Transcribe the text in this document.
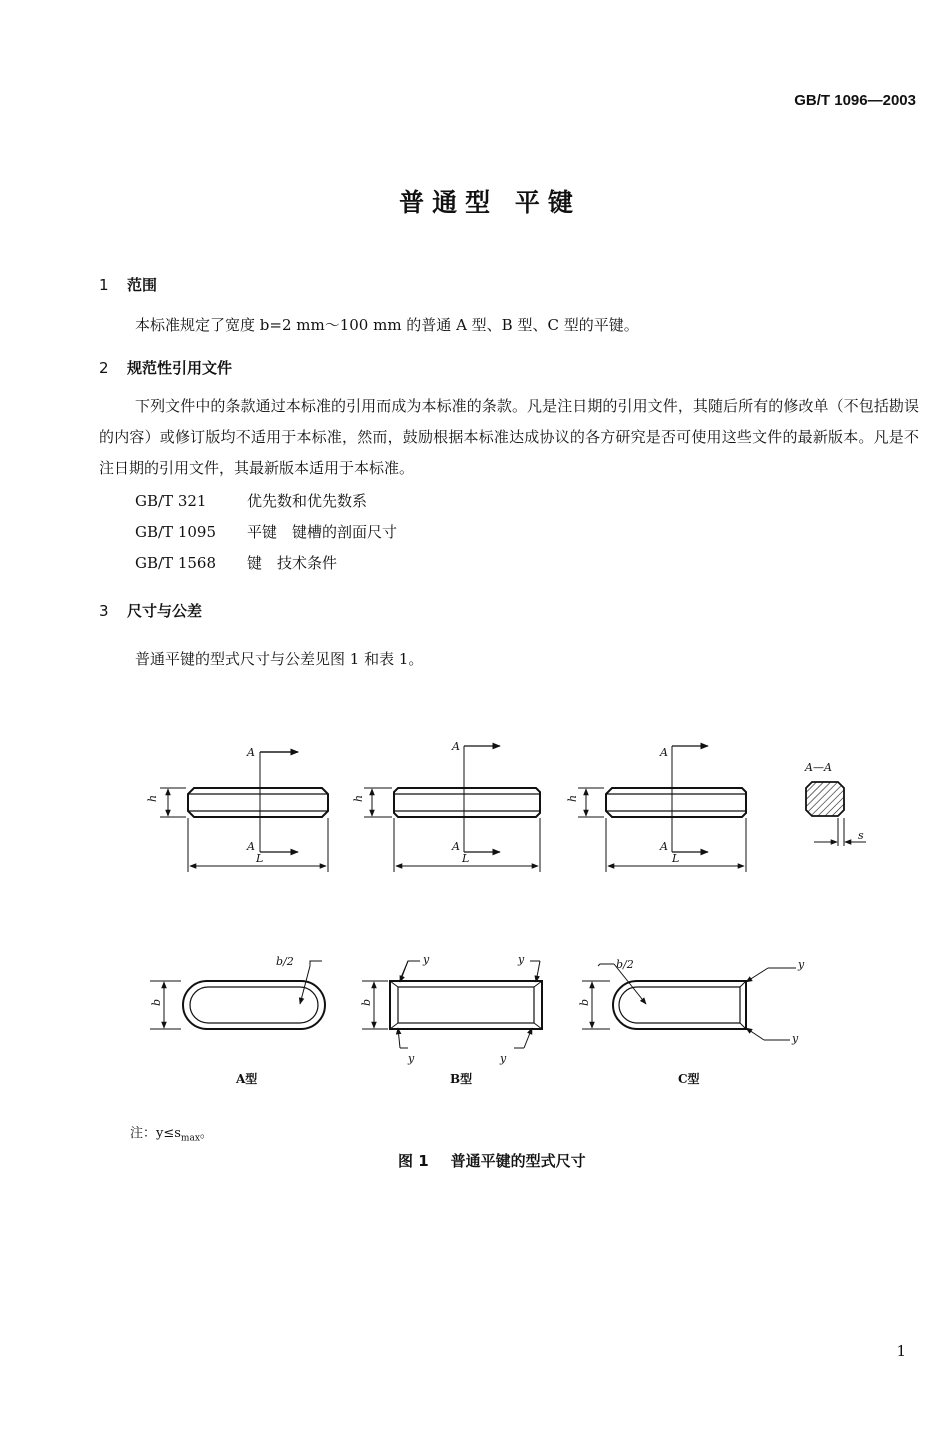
GB/T 1096—2003
普通型 平键
1 范围
本标准规定了宽度 b=2 mm～100 mm 的普通 A 型、B 型、C 型的平键。
2 规范性引用文件
下列文件中的条款通过本标准的引用而成为本标准的条款。凡是注日期的引用文件，其随后所有的修改单（不包括勘误的内容）或修订版均不适用于本标准，然而，鼓励根据本标准达成协议的各方研究是否可使用这些文件的最新版本。凡是不注日期的引用文件，其最新版本适用于本标准。
GB/T 321	优先数和优先数系
GB/T 1095 平键　键槽的剖面尺寸
GB/T 1568 键　技术条件
3 尺寸与公差
普通平键的型式尺寸与公差见图 1 和表 1。
A
A
A
A
A
A
L	L	L
h	h	h
A—A
s
b	b	b
b/2	b/2
y	y
y	y
y
y
A型	B型	C型
注：$y\le s_{max}$。
图 1 普通平键的型式尺寸
1
